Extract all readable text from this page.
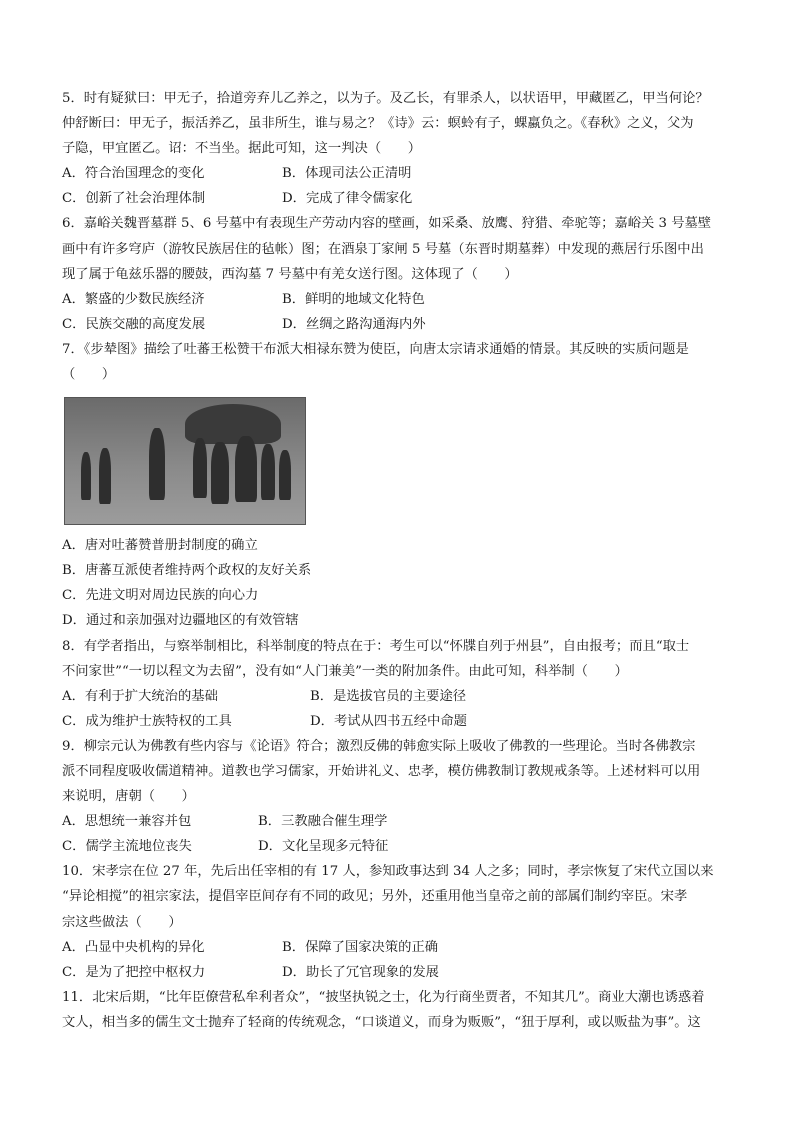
5．时有疑狱曰：甲无子，拾道旁弃儿乙养之，以为子。及乙长，有罪杀人，以状语甲，甲藏匿乙，甲当何论？
仲舒断曰：甲无子，振活养乙，虽非所生，谁与易之？《诗》云：螟蛉有子，蜾蠃负之。《春秋》之义，父为
子隐，甲宜匿乙。诏：不当坐。据此可知，这一判决（　　）

A．符合治国理念的变化	B．体现司法公正清明
C．创新了社会治理体制	D．完成了律令儒家化

6．嘉峪关魏晋墓群 5、6 号墓中有表现生产劳动内容的壁画，如采桑、放鹰、狩猎、牵驼等；嘉峪关 3 号墓壁
画中有许多穹庐（游牧民族居住的毡帐）图；在酒泉丁家闸 5 号墓（东晋时期墓葬）中发现的燕居行乐图中出
现了属于龟兹乐器的腰鼓，西沟墓 7 号墓中有羌女送行图。这体现了（　　）

A．繁盛的少数民族经济	B．鲜明的地域文化特色
C．民族交融的高度发展	D．丝绸之路沟通海内外

7．《步辇图》描绘了吐蕃王松赞干布派大相禄东赞为使臣，向唐太宗请求通婚的情景。其反映的实质问题是
（　　）

A．唐对吐蕃赞普册封制度的确立
B．唐蕃互派使者维持两个政权的友好关系
C．先进文明对周边民族的向心力
D．通过和亲加强对边疆地区的有效管辖

8．有学者指出，与察举制相比，科举制度的特点在于：考生可以“怀牒自列于州县”，自由报考；而且“取士
不问家世”“一切以程文为去留”，没有如“人门兼美”一类的附加条件。由此可知，科举制（　　）

A．有利于扩大统治的基础	B．是选拔官员的主要途径
C．成为维护士族特权的工具	D．考试从四书五经中命题

9．柳宗元认为佛教有些内容与《论语》符合；激烈反佛的韩愈实际上吸收了佛教的一些理论。当时各佛教宗
派不同程度吸收儒道精神。道教也学习儒家，开始讲礼义、忠孝，模仿佛教制订教规戒条等。上述材料可以用
来说明，唐朝（　　）

A．思想统一兼容并包	B．三教融合催生理学
C．儒学主流地位丧失	D．文化呈现多元特征

10．宋孝宗在位 27 年，先后出任宰相的有 17 人，参知政事达到 34 人之多；同时，孝宗恢复了宋代立国以来
“异论相搅”的祖宗家法，提倡宰臣间存有不同的政见；另外，还重用他当皇帝之前的部属们制约宰臣。宋孝
宗这些做法（　　）

A．凸显中央机构的异化	B．保障了国家决策的正确
C．是为了把控中枢权力	D．助长了冗官现象的发展

11．北宋后期，“比年臣僚营私牟利者众”，“披坚执锐之士，化为行商坐贾者，不知其几”。商业大潮也诱惑着
文人，相当多的儒生文士抛弃了轻商的传统观念，“口谈道义，而身为贩贩”，“狃于厚利，或以贩盐为事”。这
